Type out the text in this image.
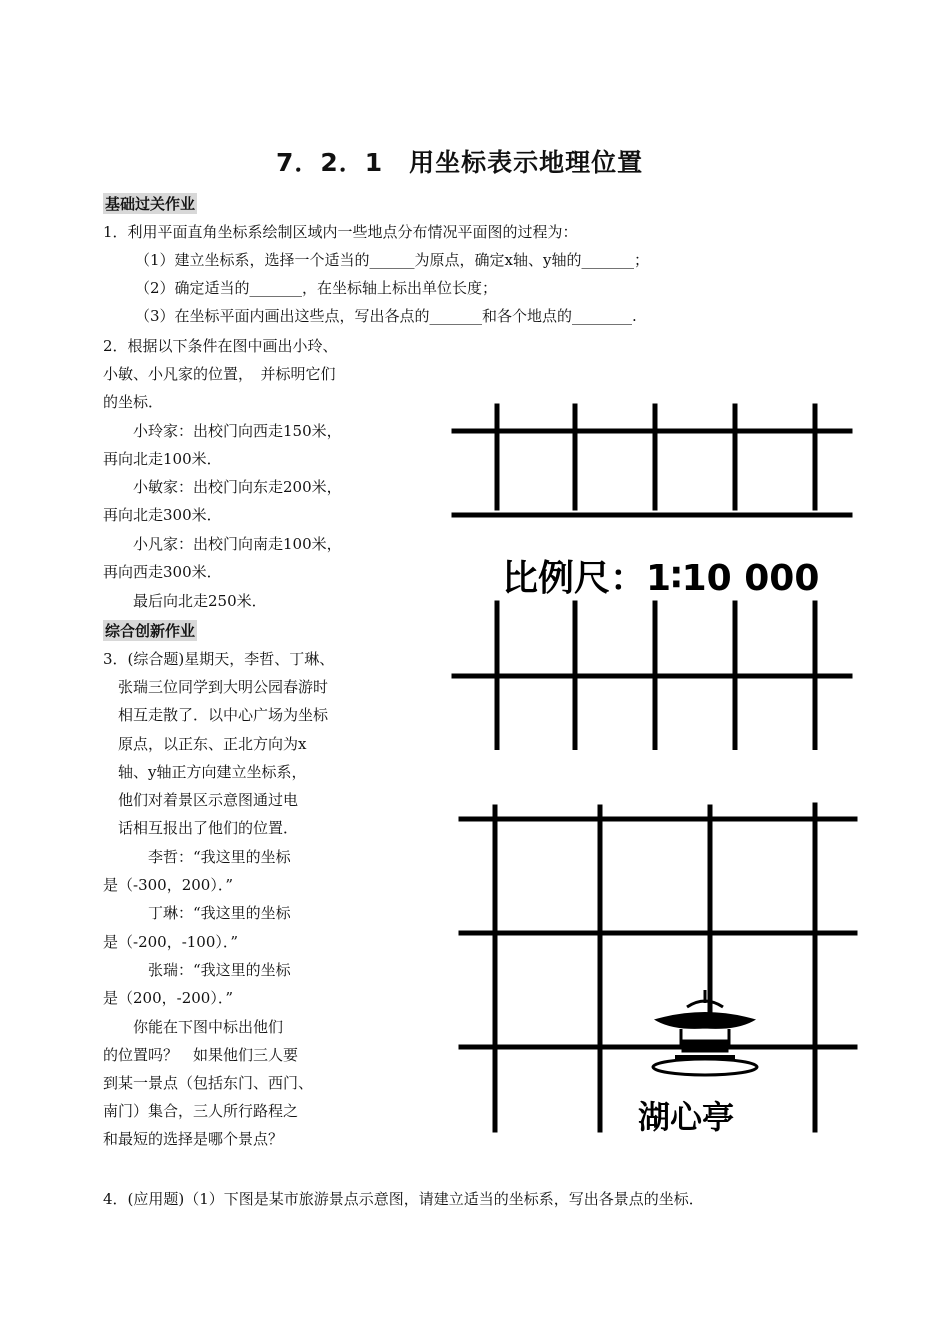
7．2．1　用坐标表示地理位置
基础过关作业
1．利用平面直角坐标系绘制区域内一些地点分布情况平面图的过程为：
（1）建立坐标系，选择一个适当的______为原点，确定x轴、y轴的_______；
（2）确定适当的_______，在坐标轴上标出单位长度；
（3）在坐标平面内画出这些点，写出各点的_______和各个地点的________.
2．根据以下条件在图中画出小玲、
小敏、小凡家的位置，　并标明它们
的坐标．
　　小玲家：出校门向西走150米，
再向北走100米．
　　小敏家：出校门向东走200米，
再向北走300米．
　　小凡家：出校门向南走100米，
再向西走300米．
　　最后向北走250米．
综合创新作业
3．(综合题)星期天，李哲、丁琳、
　张瑞三位同学到大明公园春游时
　相互走散了．以中心广场为坐标
　原点，以正东、正北方向为x
　轴、y轴正方向建立坐标系，
　他们对着景区示意图通过电
　话相互报出了他们的位置．
　　　李哲：“我这里的坐标
是（-300，200）．”
　　　丁琳：“我这里的坐标
是（-200，-100）．”
　　　张瑞：“我这里的坐标
是（200，-200）．”
　　你能在下图中标出他们
的位置吗？　如果他们三人要
到某一景点（包括东门、西门、
南门）集合，三人所行路程之
和最短的选择是哪个景点？
4．(应用题)（1）下图是某市旅游景点示意图，请建立适当的坐标系，写出各景点的坐标．
比例尺：1∶10 000
湖心亭
